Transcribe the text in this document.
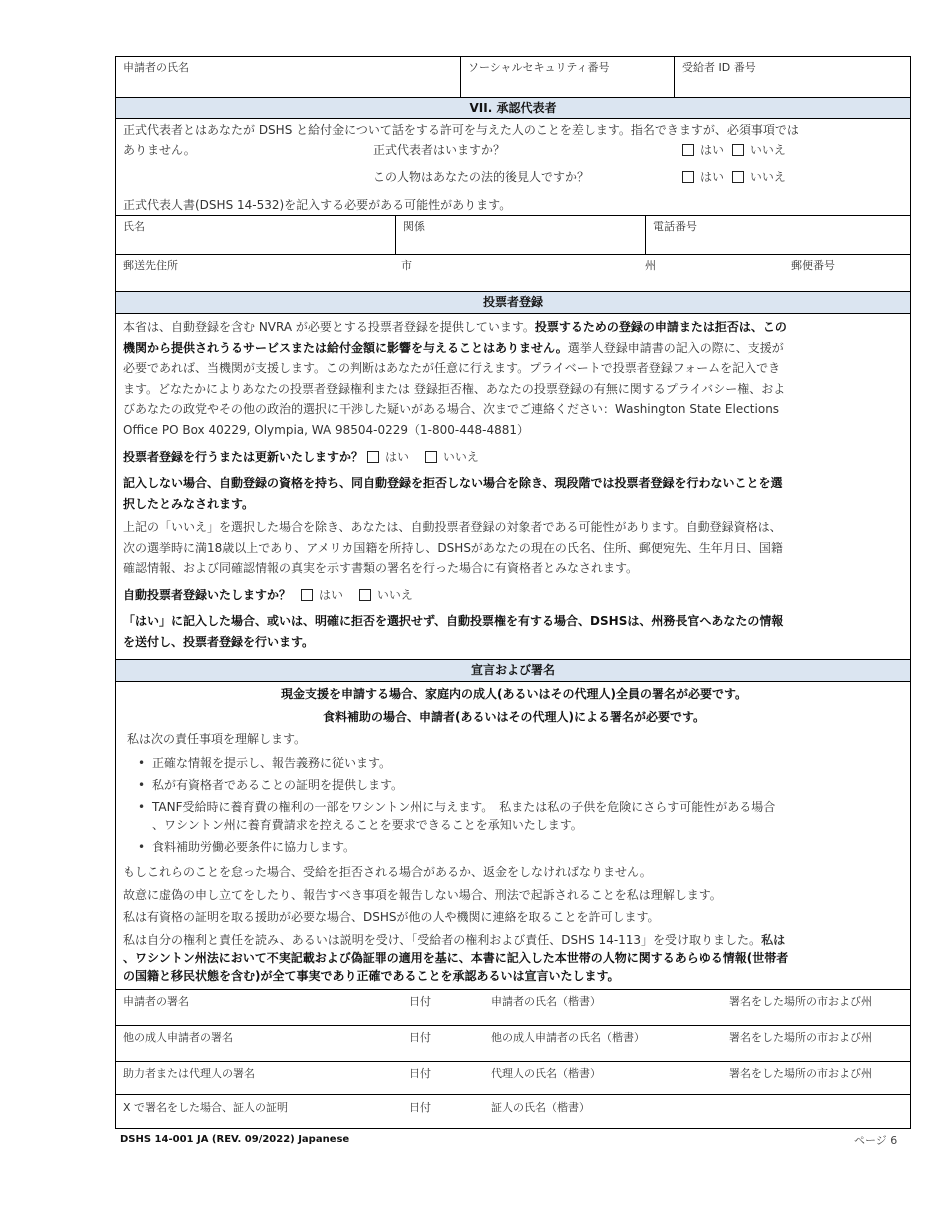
申請者の氏名	ソーシャルセキュリティ番号	受給者 ID 番号
VII. 承認代表者
正式代表者とはあなたが DSHS と給付金について話をする許可を与えた人のことを差します。指名できますが、必須事項では
ありません。	正式代表者はいますか？	はい いいえ
この人物はあなたの法的後見人ですか？	はい いいえ
正式代表人書(DSHS 14-532)を記入する必要がある可能性があります。
氏名	関係	電話番号
郵送先住所	市	州	郵便番号
投票者登録
本省は、自動登録を含む NVRA が必要とする投票者登録を提供しています。投票するための登録の申請または拒否は、この
機関から提供されうるサービスまたは給付金額に影響を与えることはありません。選挙人登録申請書の記入の際に、支援が
必要であれば、当機関が支援します。この判断はあなたが任意に行えます。プライベートで投票者登録フォームを記入でき
ます。どなたかによりあなたの投票者登録権利または 登録拒否権、あなたの投票登録の有無に関するプライバシー権、およ
びあなたの政党やその他の政治的選択に干渉した疑いがある場合、次までご連絡ください：Washington State Elections
Office PO Box 40229, Olympia, WA 98504-0229（1-800-448-4881）
投票者登録を行うまたは更新いたしますか？ はい	いいえ
記入しない場合、自動登録の資格を持ち、同自動登録を拒否しない場合を除き、現段階では投票者登録を行わないことを選
択したとみなされます。
上記の「いいえ」を選択した場合を除き、あなたは、自動投票者登録の対象者である可能性があります。自動登録資格は、
次の選挙時に満18歳以上であり、アメリカ国籍を所持し、DSHSがあなたの現在の氏名、住所、郵便宛先、生年月日、国籍
確認情報、および同確認情報の真実を示す書類の署名を行った場合に有資格者とみなされます。
自動投票者登録いたしますか？ はい	いいえ
「はい」に記入した場合、或いは、明確に拒否を選択せず、自動投票権を有する場合、DSHSは、州務長官へあなたの情報
を送付し、投票者登録を行います。
宣言および署名
現金支援を申請する場合、家庭内の成人(あるいはその代理人)全員の署名が必要です。
食料補助の場合、申請者(あるいはその代理人)による署名が必要です。
私は次の責任事項を理解します。
• 正確な情報を提示し、報告義務に従います。
• 私が有資格者であることの証明を提供します。
• TANF受給時に養育費の権利の一部をワシントン州に与えます。　私または私の子供を危険にさらす可能性がある場合
、ワシントン州に養育費請求を控えることを要求できることを承知いたします。
• 食料補助労働必要条件に協力します。
もしこれらのことを怠った場合、受給を拒否される場合があるか、返金をしなければなりません。
故意に虚偽の申し立てをしたり、報告すべき事項を報告しない場合、刑法で起訴されることを私は理解します。
私は有資格の証明を取る援助が必要な場合、DSHSが他の人や機関に連絡を取ることを許可します。
私は自分の権利と責任を読み、あるいは説明を受け、「受給者の権利および責任、DSHS 14-113」を受け取りました。私は
、ワシントン州法において不実記載および偽証罪の適用を基に、本書に記入した本世帯の人物に関するあらゆる情報(世帯者
の国籍と移民状態を含む)が全て事実であり正確であることを承認あるいは宣言いたします。
申請者の署名	日付	申請者の氏名（楷書）	署名をした場所の市および州
他の成人申請者の署名	日付	他の成人申請者の氏名（楷書）	署名をした場所の市および州
助力者または代理人の署名	日付	代理人の氏名（楷書）	署名をした場所の市および州
X で署名をした場合、証人の証明	日付	証人の氏名（楷書）
DSHS 14-001 JA (REV. 09/2022) Japanese	ページ 6
